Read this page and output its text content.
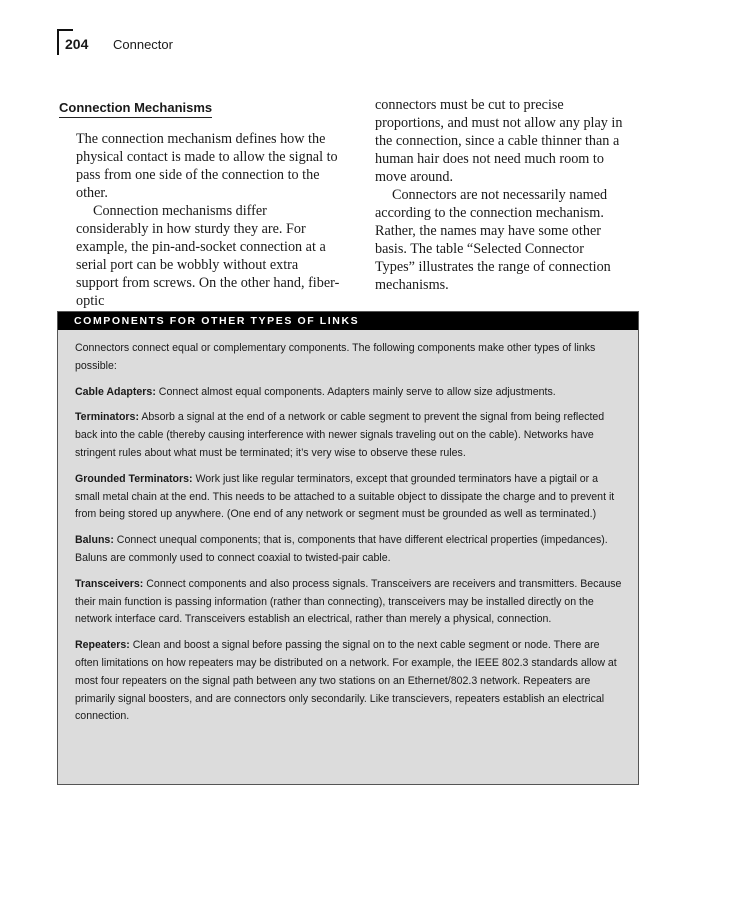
204 Connector
Connection Mechanisms

The connection mechanism defines how the physical contact is made to allow the signal to pass from one side of the connection to the other.

Connection mechanisms differ considerably in how sturdy they are. For example, the pin-and-socket connection at a serial port can be wobbly without extra support from screws. On the other hand, fiber-optic

connectors must be cut to precise proportions, and must not allow any play in the connection, since a cable thinner than a human hair does not need much room to move around.

Connectors are not necessarily named according to the connection mechanism. Rather, the names may have some other basis. The table “Selected Connector Types” illustrates the range of connection mechanisms.

COMPONENTS FOR OTHER TYPES OF LINKS

Connectors connect equal or complementary components. The following components make other types of links possible:

Cable Adapters: Connect almost equal components. Adapters mainly serve to allow size adjustments.

Terminators: Absorb a signal at the end of a network or cable segment to prevent the signal from being reflected back into the cable (thereby causing interference with newer signals traveling out on the cable). Networks have stringent rules about what must be terminated; it’s very wise to observe these rules.

Grounded Terminators: Work just like regular terminators, except that grounded terminators have a pigtail or a small metal chain at the end. This needs to be attached to a suitable object to dissipate the charge and to prevent it from being stored up anywhere. (One end of any network or segment must be grounded as well as terminated.)

Baluns: Connect unequal components; that is, components that have different electrical properties (impedances). Baluns are commonly used to connect coaxial to twisted-pair cable.

Transceivers: Connect components and also process signals. Transceivers are receivers and transmitters. Because their main function is passing information (rather than connecting), transceivers may be installed directly on the network interface card. Transceivers establish an electrical, rather than merely a physical, connection.

Repeaters: Clean and boost a signal before passing the signal on to the next cable segment or node. There are often limitations on how repeaters may be distributed on a network. For example, the IEEE 802.3 standards allow at most four repeaters on the signal path between any two stations on an Ethernet/802.3 network. Repeaters are primarily signal boosters, and are connectors only secondarily. Like transcievers, repeaters establish an electrical connection.
